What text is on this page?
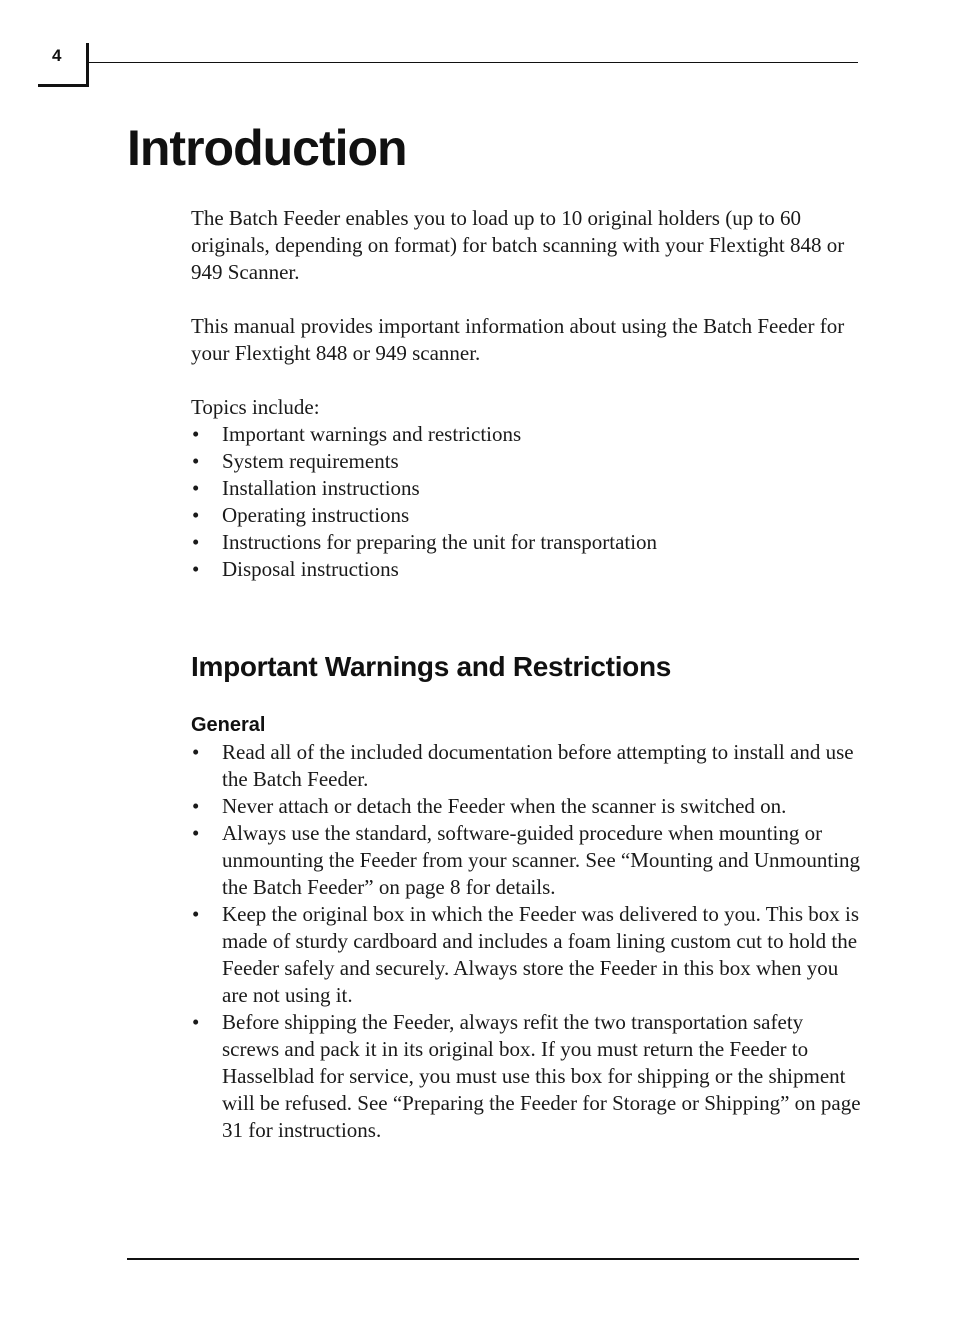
4
Introduction

The Batch Feeder enables you to load up to 10 original holders (up to 60 originals, depending on format) for batch scanning with your Flextight 848 or 949 Scanner.

This manual provides important information about using the Batch Feeder for your Flextight 848 or 949 scanner.

Topics include:

• Important warnings and restrictions
• System requirements
• Installation instructions
• Operating instructions
• Instructions for preparing the unit for transportation
• Disposal instructions
Important Warnings and Restrictions
General
• Read all of the included documentation before attempting to install and use the Batch Feeder.
• Never attach or detach the Feeder when the scanner is switched on.
• Always use the standard, software-guided procedure when mounting or unmounting the Feeder from your scanner. See “Mounting and Unmounting the Batch Feeder” on page 8 for details.
• Keep the original box in which the Feeder was delivered to you. This box is made of sturdy cardboard and includes a foam lining custom cut to hold the Feeder safely and securely. Always store the Feeder in this box when you are not using it.
• Before shipping the Feeder, always refit the two transportation safety screws and pack it in its original box. If you must return the Feeder to Hasselblad for service, you must use this box for shipping or the shipment will be refused. See “Preparing the Feeder for Storage or Shipping” on page 31 for instructions.
